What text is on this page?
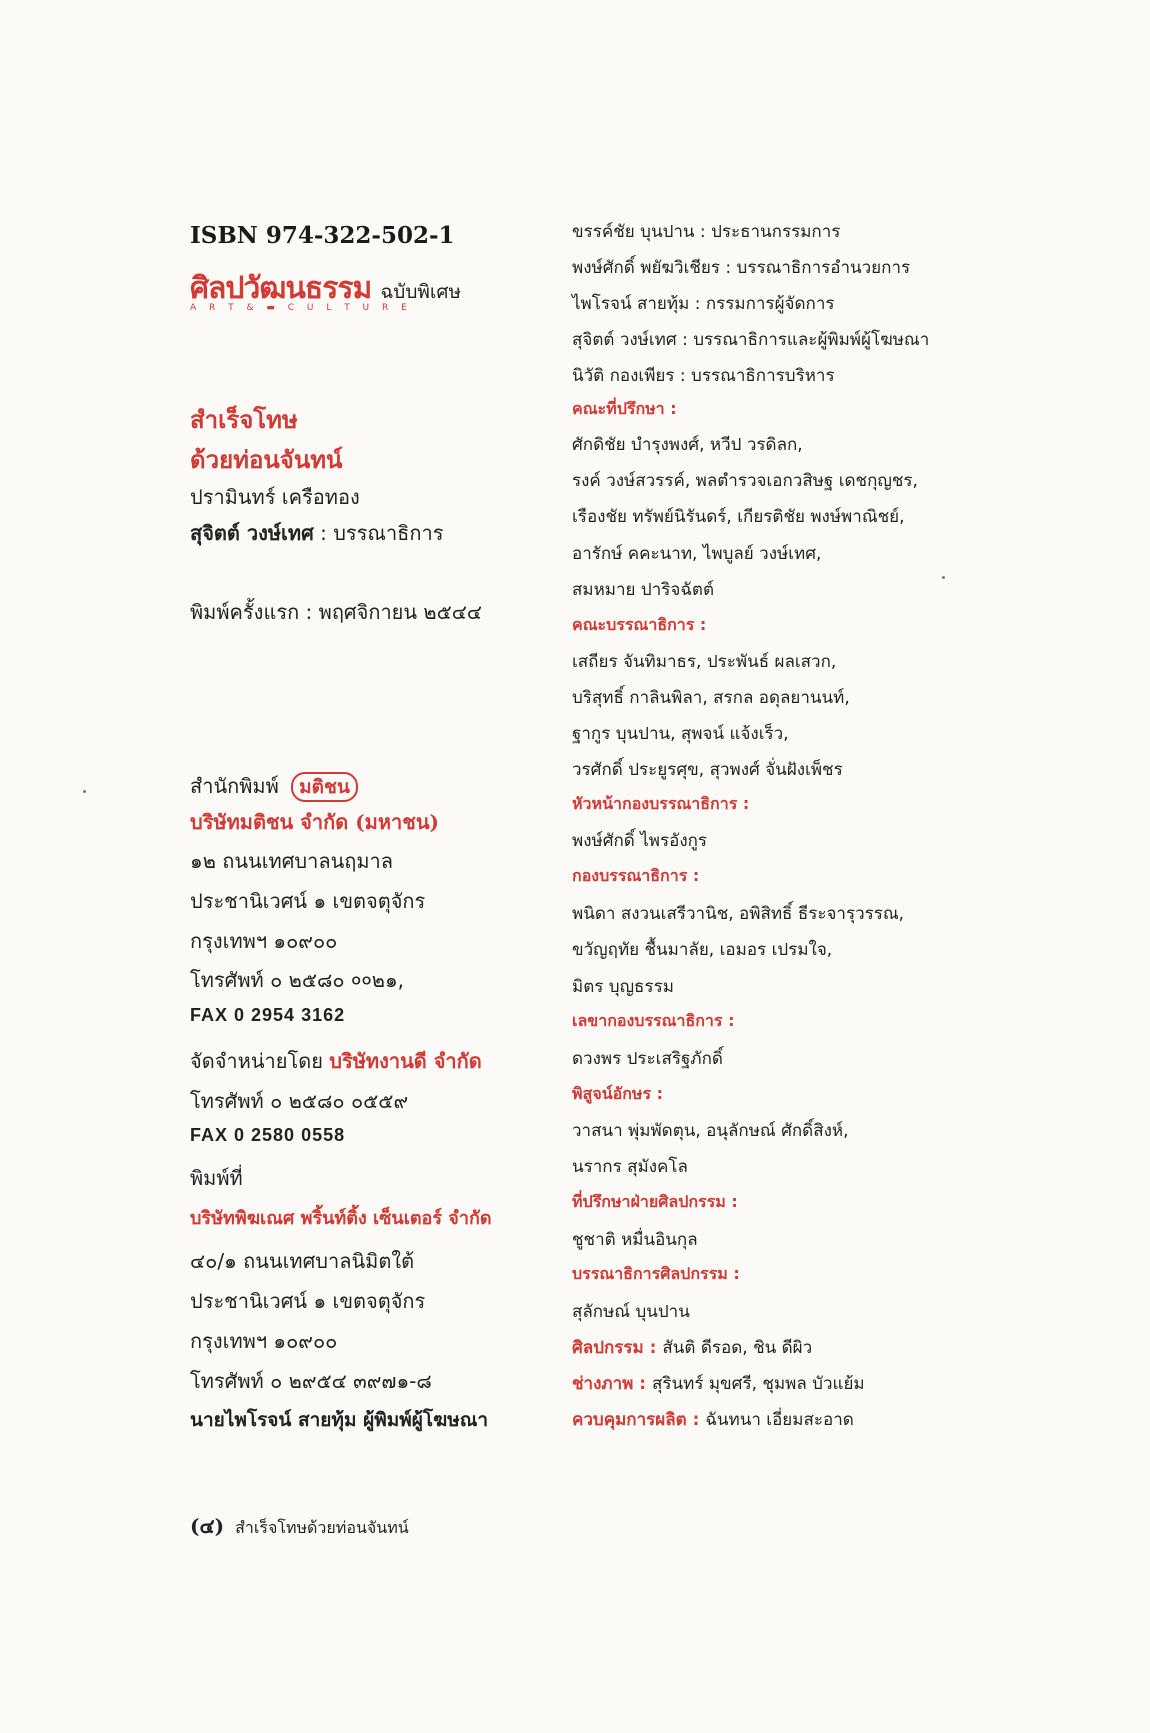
ISBN 974-322-502-1
ศิลปวัฒนธรรม ฉบับพิเศษ
A R T & ▬ C U L T U R E
สำเร็จโทษ
ด้วยท่อนจันทน์
ปรามินทร์ เครือทอง
สุจิตต์ วงษ์เทศ : บรรณาธิการ
พิมพ์ครั้งแรก : พฤศจิกายน ๒๕๔๔
สำนักพิมพ์ มติชน
บริษัทมติชน จำกัด (มหาชน)
๑๒ ถนนเทศบาลนฤมาล
ประชานิเวศน์ ๑ เขตจตุจักร
กรุงเทพฯ ๑๐๙๐๐
โทรศัพท์ ๐ ๒๕๘๐ ००๒๑,
FAX 0 2954 3162
จัดจำหน่ายโดย บริษัทงานดี จำกัด
โทรศัพท์ ๐ ๒๕๘๐ ๐๕๕๙
FAX 0 2580 0558
พิมพ์ที่
บริษัทพิฆเณศ พริ้นท์ติ้ง เซ็นเตอร์ จำกัด
๔๐/๑ ถนนเทศบาลนิมิตใต้
ประชานิเวศน์ ๑ เขตจตุจักร
กรุงเทพฯ ๑๐๙๐๐
โทรศัพท์ ๐ ๒๙๕๔ ๓๙๗๑-๘
นายไพโรจน์ สายทุ้ม ผู้พิมพ์ผู้โฆษณา
ขรรค์ชัย บุนปาน : ประธานกรรมการ
พงษ์ศักดิ์ พยัฆวิเชียร : บรรณาธิการอำนวยการ
ไพโรจน์ สายทุ้ม : กรรมการผู้จัดการ
สุจิตต์ วงษ์เทศ : บรรณาธิการและผู้พิมพ์ผู้โฆษณา
นิวัติ กองเพียร : บรรณาธิการบริหาร
คณะที่ปรึกษา :
ศักดิชัย บำรุงพงศ์, หวีป วรดิลก,
รงค์ วงษ์สวรรค์, พลตำรวจเอกวสิษฐ เดชกุญชร,
เรืองชัย ทรัพย์นิรันดร์, เกียรติชัย พงษ์พาณิชย์,
อารักษ์ คคะนาท, ไพบูลย์ วงษ์เทศ,
สมหมาย ปาริจฉัตต์
คณะบรรณาธิการ :
เสถียร จันทิมาธร, ประพันธ์ ผลเสวก,
บริสุทธิ์ กาลินพิลา, สรกล อดุลยานนท์,
ฐากูร บุนปาน, สุพจน์ แจ้งเร็ว,
วรศักดิ์ ประยูรศุข, สุวพงศ์ จั่นฝังเพ็ชร
หัวหน้ากองบรรณาธิการ :
พงษ์ศักดิ์ ไพรอังกูร
กองบรรณาธิการ :
พนิดา สงวนเสรีวานิช, อพิสิทธิ์ ธีระจารุวรรณ,
ขวัญฤทัย ชื้นมาลัย, เอมอร เปรมใจ,
มิตร บุญธรรม
เลขากองบรรณาธิการ :
ดวงพร ประเสริฐภักดิ์
พิสูจน์อักษร :
วาสนา พุ่มพัดตุน, อนุลักษณ์ ศักดิ์สิงห์,
นรากร สุมังคโล
ที่ปรึกษาฝ่ายศิลปกรรม :
ชูชาติ หมื่นอินกุล
บรรณาธิการศิลปกรรม :
สุลักษณ์ บุนปาน
ศิลปกรรม : สันติ ดีรอด, ชิน ดีผิว
ช่างภาพ : สุรินทร์ มุขศรี, ชุมพล บัวแย้ม
ควบคุมการผลิต : ฉันทนา เอี่ยมสะอาด
(๔) สำเร็จโทษด้วยท่อนจันทน์
